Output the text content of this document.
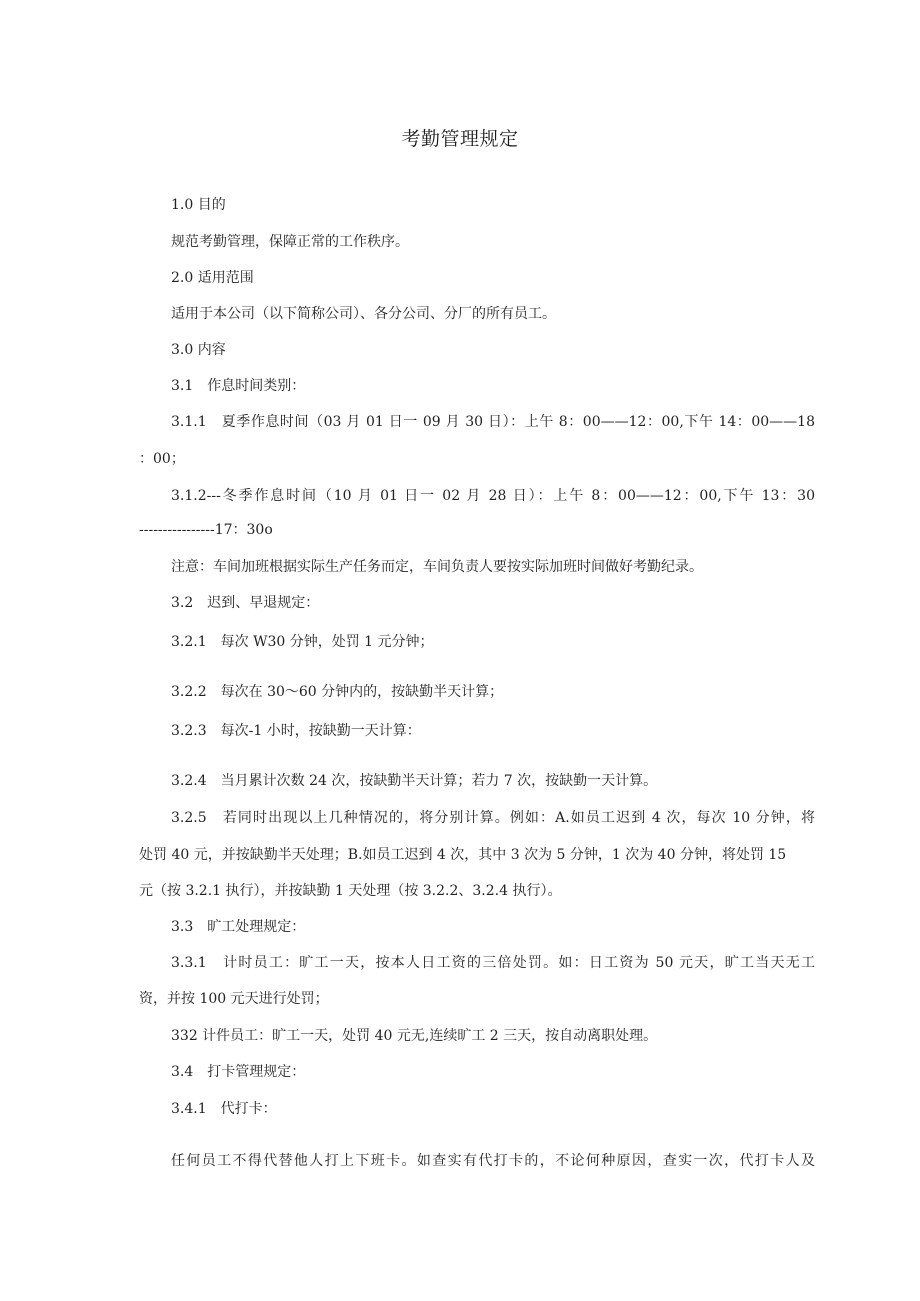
考勤管理规定
1.0 目的
规范考勤管理，保障正常的工作秩序。
2.0 适用范围
适用于本公司（以下简称公司）、各分公司、分厂的所有员工。
3.0 内容
3.1　作息时间类别：
3.1.1　夏季作息时间（03 月 01 日一 09 月 30 日）：上午 8：00——12：00,下午 14：00——18
：00；
3.1.2---冬季作息时间（10 月 01 日一 02 月 28 日）：上午 8：00——12：00,下午 13：30
----------------17：30o
注意：车间加班根据实际生产任务而定，车间负责人要按实际加班时间做好考勤纪录。
3.2　迟到、早退规定：
3.2.1　每次 W30 分钟，处罚 1 元分钟；
3.2.2　每次在 30〜60 分钟内的，按缺勤半天计算；
3.2.3　每次-1 小时，按缺勤一天计算：
3.2.4　当月累计次数 24 次，按缺勤半天计算；若力 7 次，按缺勤一天计算。
3.2.5　若同时出现以上几种情况的，将分别计算。例如：A.如员工迟到 4 次，每次 10 分钟，将
处罚 40 元，并按缺勤半天处理；B.如员工迟到 4 次，其中 3 次为 5 分钟，1 次为 40 分钟，将处罚 15
元（按 3.2.1 执行），并按缺勤 1 天处理（按 3.2.2、3.2.4 执行）。
3.3　旷工处理规定：
3.3.1　计时员工：旷工一天，按本人日工资的三倍处罚。如：日工资为 50 元天，旷工当天无工
资，并按 100 元天进行处罚；
332 计件员工：旷工一天，处罚 40 元无,连续旷工 2 三天，按自动离职处理。
3.4　打卡管理规定：
3.4.1　代打卡：
任何员工不得代替他人打上下班卡。如查实有代打卡的，不论何种原因，查实一次，代打卡人及
